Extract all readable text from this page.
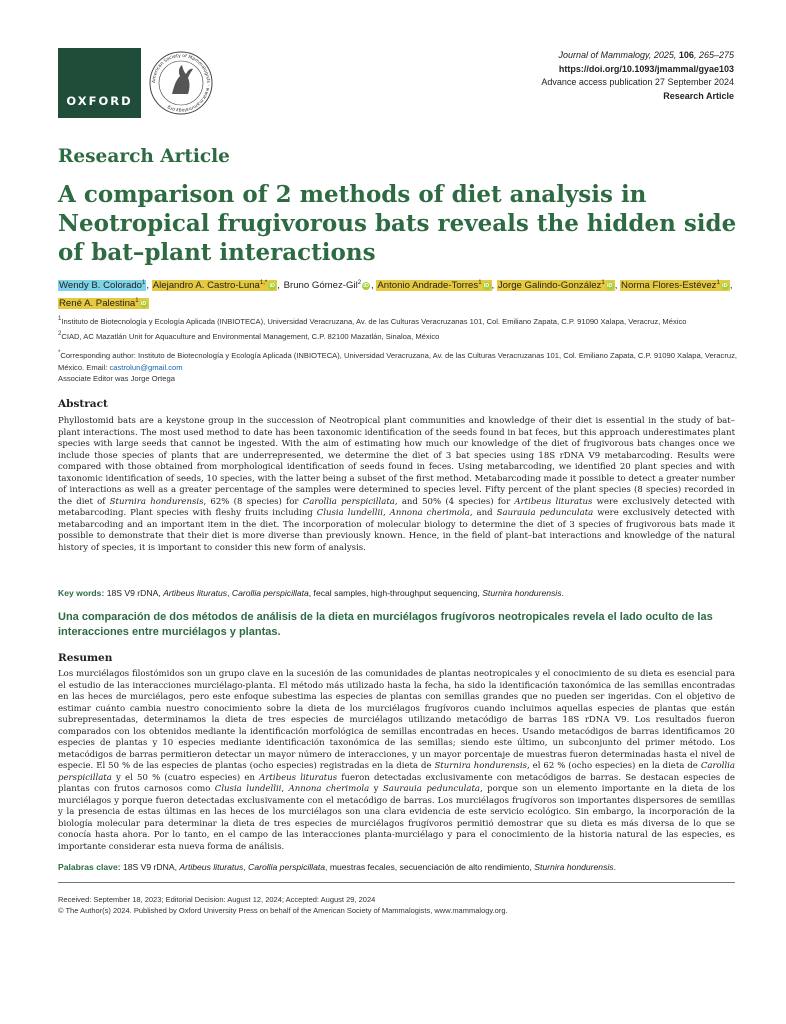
OXFORD
American Society of Mammalogists · www.mammalogy.org
Journal of Mammalogy, 2025, 106, 265–275
https://doi.org/10.1093/jmammal/gyae103
Advance access publication 27 September 2024
Research Article
Research Article
A comparison of 2 methods of diet analysis in Neotropical frugivorous bats reveals the hidden side of bat–plant interactions
Wendy B. Colorado$^1$, Alejandro A. Castro-Luna$^{1,*}$ iD , Bruno Gómez-Gil$^2$ iD , Antonio Andrade-Torres$^1$ iD , Jorge Galindo-González$^1$ iD , Norma Flores-Estévez$^1$ iD , René A. Palestina$^1$ iD

$^1$Instituto de Biotecnología y Ecología Aplicada (INBIOTECA), Universidad Veracruzana, Av. de las Culturas Veracruzanas 101, Col. Emiliano Zapata, C.P. 91090 Xalapa, Veracruz, México

$^2$CIAD, AC Mazatlán Unit for Aquaculture and Environmental Management, C.P. 82100 Mazatlán, Sinaloa, México

*Corresponding author: Instituto de Biotecnología y Ecología Aplicada (INBIOTECA), Universidad Veracruzana, Av. de las Culturas Veracruzanas 101, Col. Emiliano Zapata, C.P. 91090 Xalapa, Veracruz, México. Email: castrolun@gmail.com

Associate Editor was Jorge Ortega

Abstract
Phyllostomid bats are a keystone group in the succession of Neotropical plant communities and knowledge of their diet is essential in the study of bat–plant interactions. The most used method to date has been taxonomic identification of the seeds found in bat feces, but this approach underestimates plant species with large seeds that cannot be ingested. With the aim of estimating how much our knowledge of the diet of frugivorous bats changes once we include those species of plants that are underrepresented, we determine the diet of 3 bat species using 18S rDNA V9 metabarcoding. Results were compared with those obtained from morphological identification of seeds found in feces. Using metabarcoding, we identified 20 plant species and with taxonomic identification of seeds, 10 species, with the latter being a subset of the first method. Metabarcoding made it possible to detect a greater number of interactions as well as a greater percentage of the samples were determined to species level. Fifty percent of the plant species (8 species) recorded in the diet of Sturnira hondurensis, 62% (8 species) for Carollia perspicillata, and 50% (4 species) for Artibeus lituratus were exclusively detected with metabarcoding. Plant species with fleshy fruits including Clusia lundellii, Annona cherimola, and Saurauia pedunculata were exclusively detected with metabarcoding and an important item in the diet. The incorporation of molecular biology to determine the diet of 3 species of frugivorous bats made it possible to demonstrate that their diet is more diverse than previously known. Hence, in the field of plant–bat interactions and knowledge of the natural history of species, it is important to consider this new form of analysis.
Key words: 18S V9 rDNA, Artibeus lituratus, Carollia perspicillata, fecal samples, high-throughput sequencing, Sturnira hondurensis.
Una comparación de dos métodos de análisis de la dieta en murciélagos frugívoros neotropicales revela el lado oculto de las interacciones entre murciélagos y plantas.
Resumen
Los murciélagos filostómidos son un grupo clave en la sucesión de las comunidades de plantas neotropicales y el conocimiento de su dieta es esencial para el estudio de las interacciones murciélago-planta. El método más utilizado hasta la fecha, ha sido la identificación taxonómica de las semillas encontradas en las heces de murciélagos, pero este enfoque subestima las especies de plantas con semillas grandes que no pueden ser ingeridas. Con el objetivo de estimar cuánto cambia nuestro conocimiento sobre la dieta de los murciélagos frugívoros cuando incluimos aquellas especies de plantas que están subrepresentadas, determinamos la dieta de tres especies de murciélagos utilizando metacódigo de barras 18S rDNA V9. Los resultados fueron comparados con los obtenidos mediante la identificación morfológica de semillas encontradas en heces. Usando metacódigos de barras identificamos 20 especies de plantas y 10 especies mediante identificación taxonómica de las semillas; siendo este último, un subconjunto del primer método. Los metacódigos de barras permitieron detectar un mayor número de interacciones, y un mayor porcentaje de muestras fueron determinadas hasta el nivel de especie. El 50 % de las especies de plantas (ocho especies) registradas en la dieta de Sturnira hondurensis, el 62 % (ocho especies) en la dieta de Carollia perspicillata y el 50 % (cuatro especies) en Artibeus lituratus fueron detectadas exclusivamente con metacódigos de barras. Se destacan especies de plantas con frutos carnosos como Clusia lundellii, Annona cherimola y Saurauia pedunculata, porque son un elemento importante en la dieta de los murciélagos y porque fueron detectadas exclusivamente con el metacódigo de barras. Los murciélagos frugívoros son importantes dispersores de semillas y la presencia de estas últimas en las heces de los murciélagos son una clara evidencia de este servicio ecológico. Sin embargo, la incorporación de la biología molecular para determinar la dieta de tres especies de murciélagos frugívoros permitió demostrar que su dieta es más diversa de lo que se conocía hasta ahora. Por lo tanto, en el campo de las interacciones planta-murciélago y para el conocimiento de la historia natural de las especies, es importante considerar esta nueva forma de análisis.
Palabras clave: 18S V9 rDNA, Artibeus lituratus, Carollia perspicillata, muestras fecales, secuenciación de alto rendimiento, Sturnira hondurensis.

Received: September 18, 2023; Editorial Decision: August 12, 2024; Accepted: August 29, 2024

© The Author(s) 2024. Published by Oxford University Press on behalf of the American Society of Mammalogists, www.mammalogy.org.
